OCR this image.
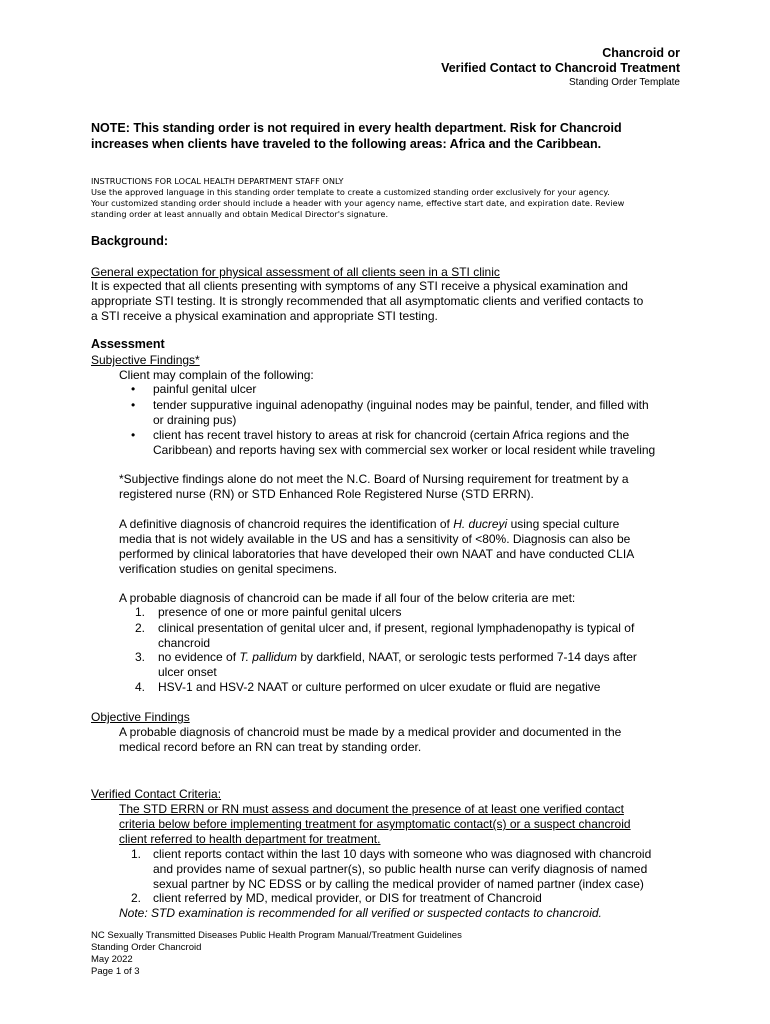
Chancroid or
Verified Contact to Chancroid Treatment
Standing Order Template
NOTE: This standing order is not required in every health department. Risk for Chancroid
increases when clients have traveled to the following areas: Africa and the Caribbean.
INSTRUCTIONS FOR LOCAL HEALTH DEPARTMENT STAFF ONLY
Use the approved language in this standing order template to create a customized standing order exclusively for your agency.
Your customized standing order should include a header with your agency name, effective start date, and expiration date. Review
standing order at least annually and obtain Medical Director's signature.
Background:
General expectation for physical assessment of all clients seen in a STI clinic
It is expected that all clients presenting with symptoms of any STI receive a physical examination and
appropriate STI testing. It is strongly recommended that all asymptomatic clients and verified contacts to
a STI receive a physical examination and appropriate STI testing.
Assessment
Subjective Findings*
Client may complain of the following:
• painful genital ulcer
• tender suppurative inguinal adenopathy (inguinal nodes may be painful, tender, and filled with
or draining pus)
• client has recent travel history to areas at risk for chancroid (certain Africa regions and the
Caribbean) and reports having sex with commercial sex worker or local resident while traveling
*Subjective findings alone do not meet the N.C. Board of Nursing requirement for treatment by a
registered nurse (RN) or STD Enhanced Role Registered Nurse (STD ERRN).
A definitive diagnosis of chancroid requires the identification of H. ducreyi using special culture
media that is not widely available in the US and has a sensitivity of <80%. Diagnosis can also be
performed by clinical laboratories that have developed their own NAAT and have conducted CLIA
verification studies on genital specimens.
A probable diagnosis of chancroid can be made if all four of the below criteria are met:
1. presence of one or more painful genital ulcers
2. clinical presentation of genital ulcer and, if present, regional lymphadenopathy is typical of
chancroid
3. no evidence of T. pallidum by darkfield, NAAT, or serologic tests performed 7-14 days after
ulcer onset
4. HSV-1 and HSV-2 NAAT or culture performed on ulcer exudate or fluid are negative
Objective Findings
A probable diagnosis of chancroid must be made by a medical provider and documented in the
medical record before an RN can treat by standing order.
Verified Contact Criteria:
The STD ERRN or RN must assess and document the presence of at least one verified contact
criteria below before implementing treatment for asymptomatic contact(s) or a suspect chancroid
client referred to health department for treatment.
1. client reports contact within the last 10 days with someone who was diagnosed with chancroid
and provides name of sexual partner(s), so public health nurse can verify diagnosis of named
sexual partner by NC EDSS or by calling the medical provider of named partner (index case)
2. client referred by MD, medical provider, or DIS for treatment of Chancroid
Note: STD examination is recommended for all verified or suspected contacts to chancroid.
NC Sexually Transmitted Diseases Public Health Program Manual/Treatment Guidelines
Standing Order Chancroid
May 2022
Page 1 of 3
